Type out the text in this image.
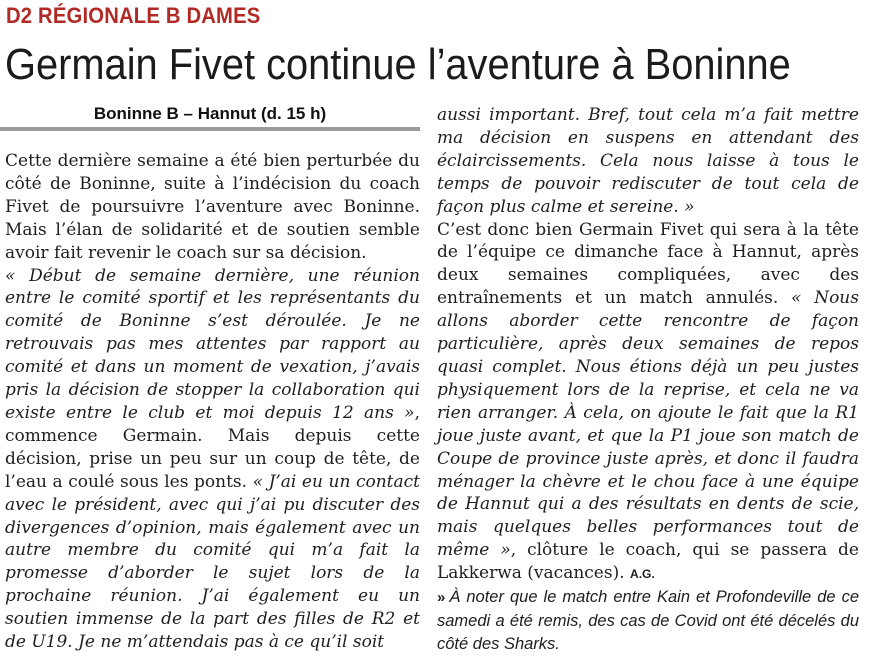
D2 RÉGIONALE B DAMES
Germain Fivet continue l’aventure à Boninne
Boninne B – Hannut (d. 15 h)

Cette dernière semaine a été bien perturbée du côté de Boninne, suite à l’indécision du coach Fivet de poursuivre l’aventure avec Boninne. Mais l’élan de solidarité et de soutien semble avoir fait revenir le coach sur sa décision.

« Début de semaine dernière, une réunion entre le comité sportif et les représentants du comité de Boninne s’est déroulée. Je ne retrouvais pas mes attentes par rapport au comité et dans un moment de vexation, j’avais pris la décision de stopper la collaboration qui existe entre le club et moi depuis 12 ans », commence Germain. Mais depuis cette décision, prise un peu sur un coup de tête, de l’eau a coulé sous les ponts. « J’ai eu un contact avec le président, avec qui j’ai pu discuter des divergences d’opinion, mais également avec un autre membre du comité qui m’a fait la promesse d’aborder le sujet lors de la prochaine réunion. J’ai également eu un soutien immense de la part des filles de R2 et de U19. Je ne m’attendais pas à ce qu’il soit

aussi important. Bref, tout cela m’a fait mettre ma décision en suspens en attendant des éclaircissements. Cela nous laisse à tous le temps de pouvoir rediscuter de tout cela de façon plus calme et sereine. »

C’est donc bien Germain Fivet qui sera à la tête de l’équipe ce dimanche face à Hannut, après deux semaines compliquées, avec des entraînements et un match annulés. « Nous allons aborder cette rencontre de façon particulière, après deux semaines de repos quasi complet. Nous étions déjà un peu justes physiquement lors de la reprise, et cela ne va rien arranger. À cela, on ajoute le fait que la R1 joue juste avant, et que la P1 joue son match de Coupe de province juste après, et donc il faudra ménager la chèvre et le chou face à une équipe de Hannut qui a des résultats en dents de scie, mais quelques belles performances tout de même », clôture le coach, qui se passera de Lakkerwa (vacances). A.G.

» À noter que le match entre Kain et Profondeville de ce samedi a été remis, des cas de Covid ont été décelés du côté des Sharks.
